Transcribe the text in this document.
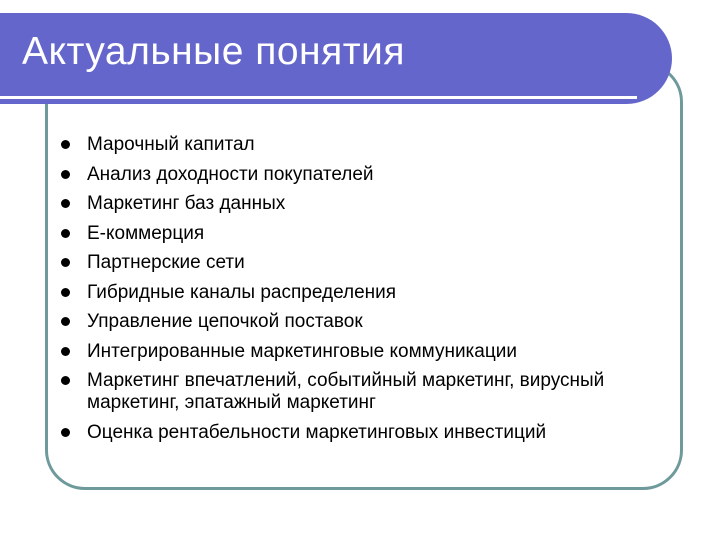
Актуальные понятия
Марочный капитал
Анализ доходности покупателей
Маркетинг баз данных
Е-коммерция
Партнерские сети
Гибридные каналы распределения
Управление цепочкой поставок
Интегрированные маркетинговые коммуникации
Маркетинг впечатлений, событийный маркетинг, вирусный маркетинг, эпатажный маркетинг
Оценка рентабельности маркетинговых инвестиций
